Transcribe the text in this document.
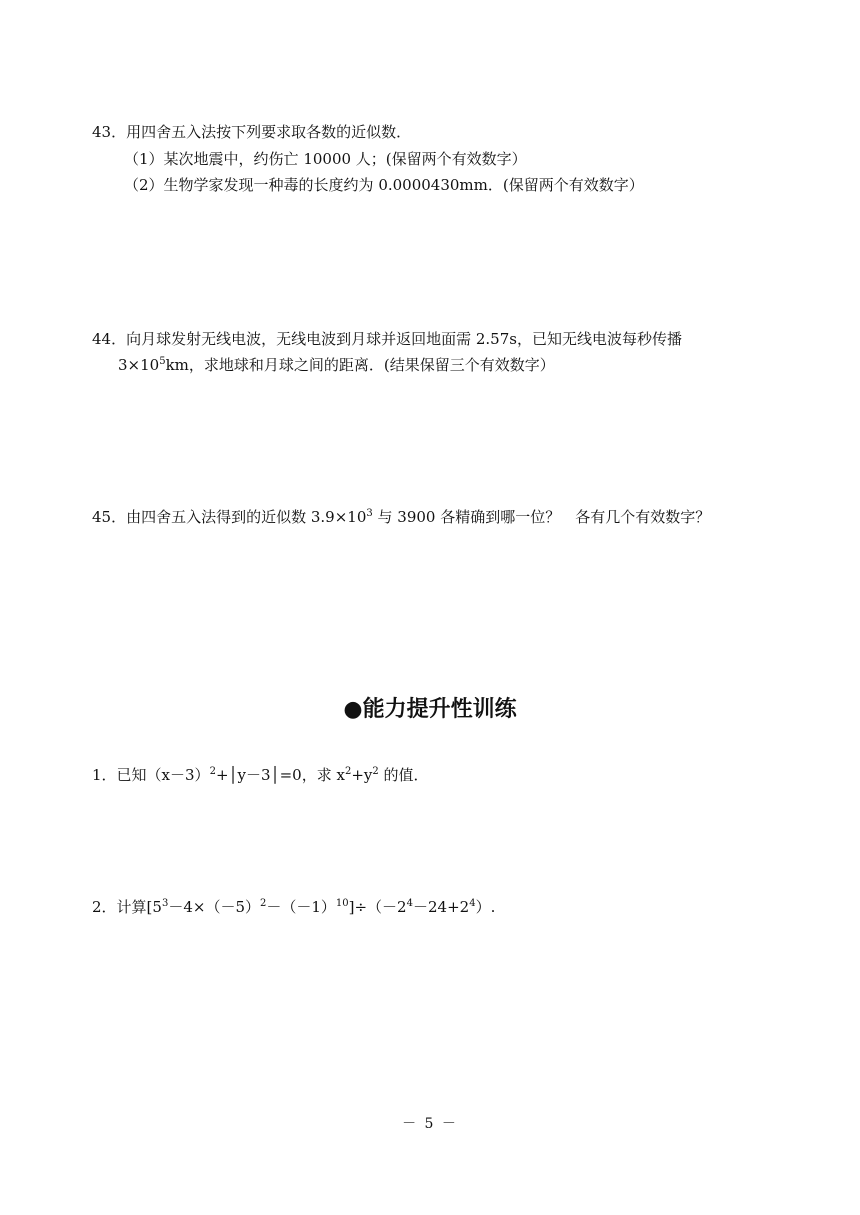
43．用四舍五入法按下列要求取各数的近似数．
（1）某次地震中，约伤亡 10000 人；(保留两个有效数字）
（2）生物学家发现一种毒的长度约为 0.0000430mm．(保留两个有效数字）
44．向月球发射无线电波，无线电波到月球并返回地面需 2.57s，已知无线电波每秒传播
$3\times 10^5km$，求地球和月球之间的距离．(结果保留三个有效数字）
45．由四舍五入法得到的近似数 $3.9\times 10^3$ 与 3900 各精确到哪一位？　各有几个有效数字？
●能力提升性训练
1．已知$(x-3)^2+│y-3│=0$，求 $x^2+y^2$ 的值．
2．计算$[5^3-4\times(-5)^2-(-1)^{10}]\div(-2^4-24+2^4)$.
－ 5 －
